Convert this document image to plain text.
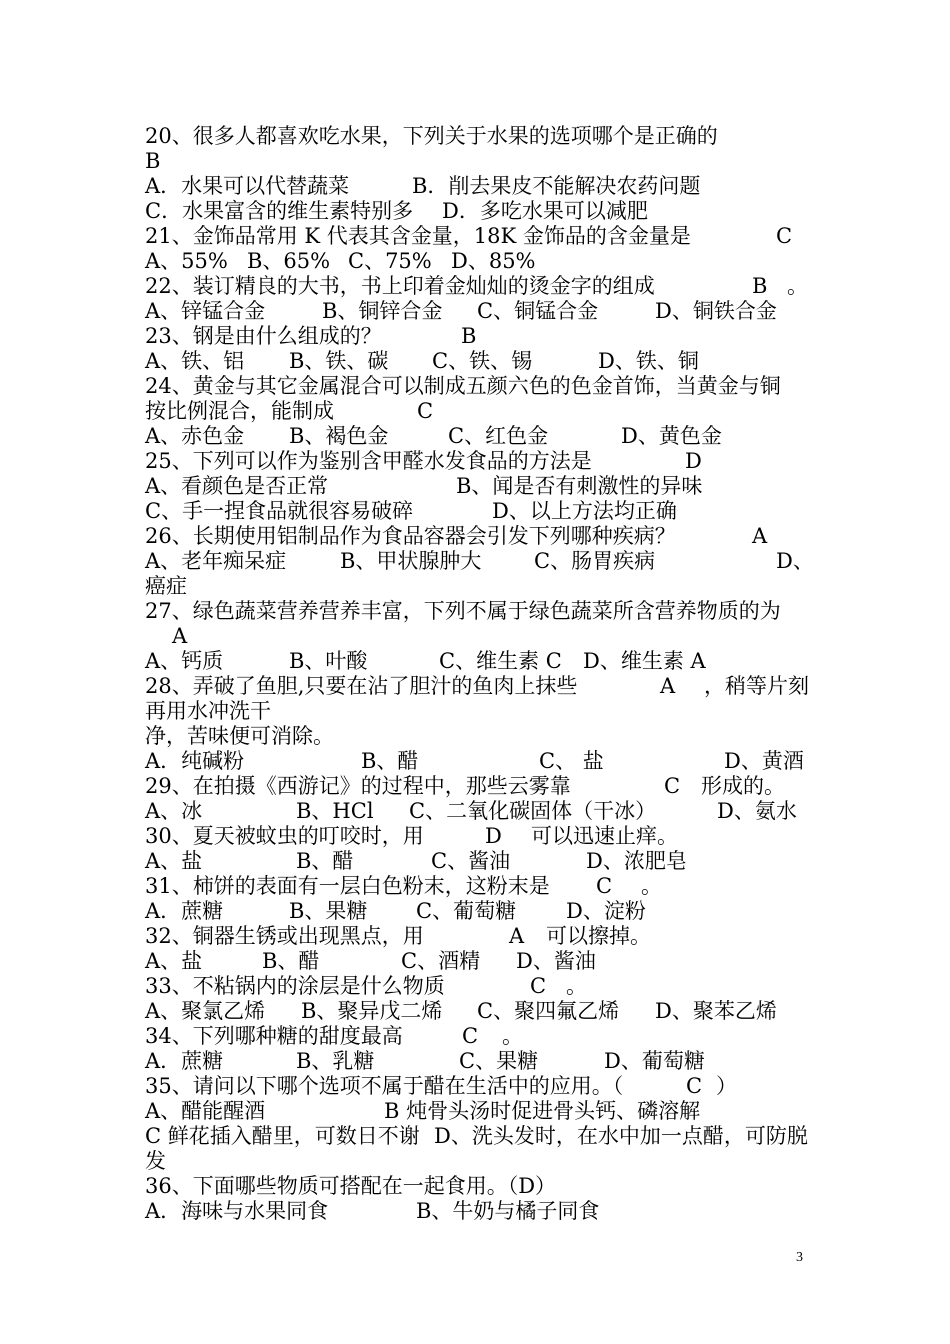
20、很多人都喜欢吃水果，下列关于水果的选项哪个是正确的
B
A．水果可以代替蔬菜	B．削去果皮不能解决农药问题
C．水果富含的维生素特别多 D．多吃水果可以减肥
21、金饰品常用 K 代表其含金量，18K 金饰品的含金量是	C
A、55% B、65% C、75% D、85%
22、装订精良的大书，书上印着金灿灿的烫金字的组成	B 。
A、锌锰合金	B、铜锌合金 C、铜锰合金	D、铜铁合金
23、钢是由什么组成的？	B
A、铁、铝 B、铁、碳 C、铁、锡	D、铁、铜
24、黄金与其它金属混合可以制成五颜六色的色金首饰，当黄金与铜
按比例混合，能制成	C
A、赤色金 B、褐色金	C、红色金	D、黄色金
25、下列可以作为鉴别含甲醛水发食品的方法是	D
A、看颜色是否正常	B、闻是否有刺激性的异味
C、手一捏食品就很容易破碎	D、以上方法均正确
26、长期使用铝制品作为食品容器会引发下列哪种疾病？	A
A、老年痴呆症	B、甲状腺肿大	C、肠胃疾病	D、
癌症
27、绿色蔬菜营养营养丰富，下列不属于绿色蔬菜所含营养物质的为
A
A、钙质	B、叶酸	C、维生素 C D、维生素 A
28、弄破了鱼胆,只要在沾了胆汁的鱼肉上抹些	A ，稍等片刻
再用水冲洗干
净，苦味便可消除。
A．纯碱粉	B、醋	C、 盐	D、黄酒
29、在拍摄《西游记》的过程中，那些云雾靠	C 形成的。
A、冰	B、HCl C、二氧化碳固体（干冰）	D、氨水
30、夏天被蚊虫的叮咬时，用	D 可以迅速止痒。
A、盐	B、醋	C、酱油	D、浓肥皂
31、柿饼的表面有一层白色粉末，这粉末是 C 。
A．蔗糖	B、果糖 C、葡萄糖 D、淀粉
32、铜器生锈或出现黑点，用	A 可以擦掉。
A、盐	B、醋	C、酒精 D、酱油
33、不粘锅内的涂层是什么物质	C 。
A、聚氯乙烯 B、聚异戊二烯 C、聚四氟乙烯 D、聚苯乙烯
34、下列哪种糖的甜度最高	C 。
A．蔗糖	B、乳糖	C、果糖	D、葡萄糖
35、请问以下哪个选项不属于醋在生活中的应用。（	C ）
A、醋能醒酒	B 炖骨头汤时促进骨头钙、磷溶解
C 鲜花插入醋里，可数日不谢 D、洗头发时，在水中加一点醋，可防脱
发
36、下面哪些物质可搭配在一起食用。（D）
A．海味与水果同食	B、牛奶与橘子同食
3
